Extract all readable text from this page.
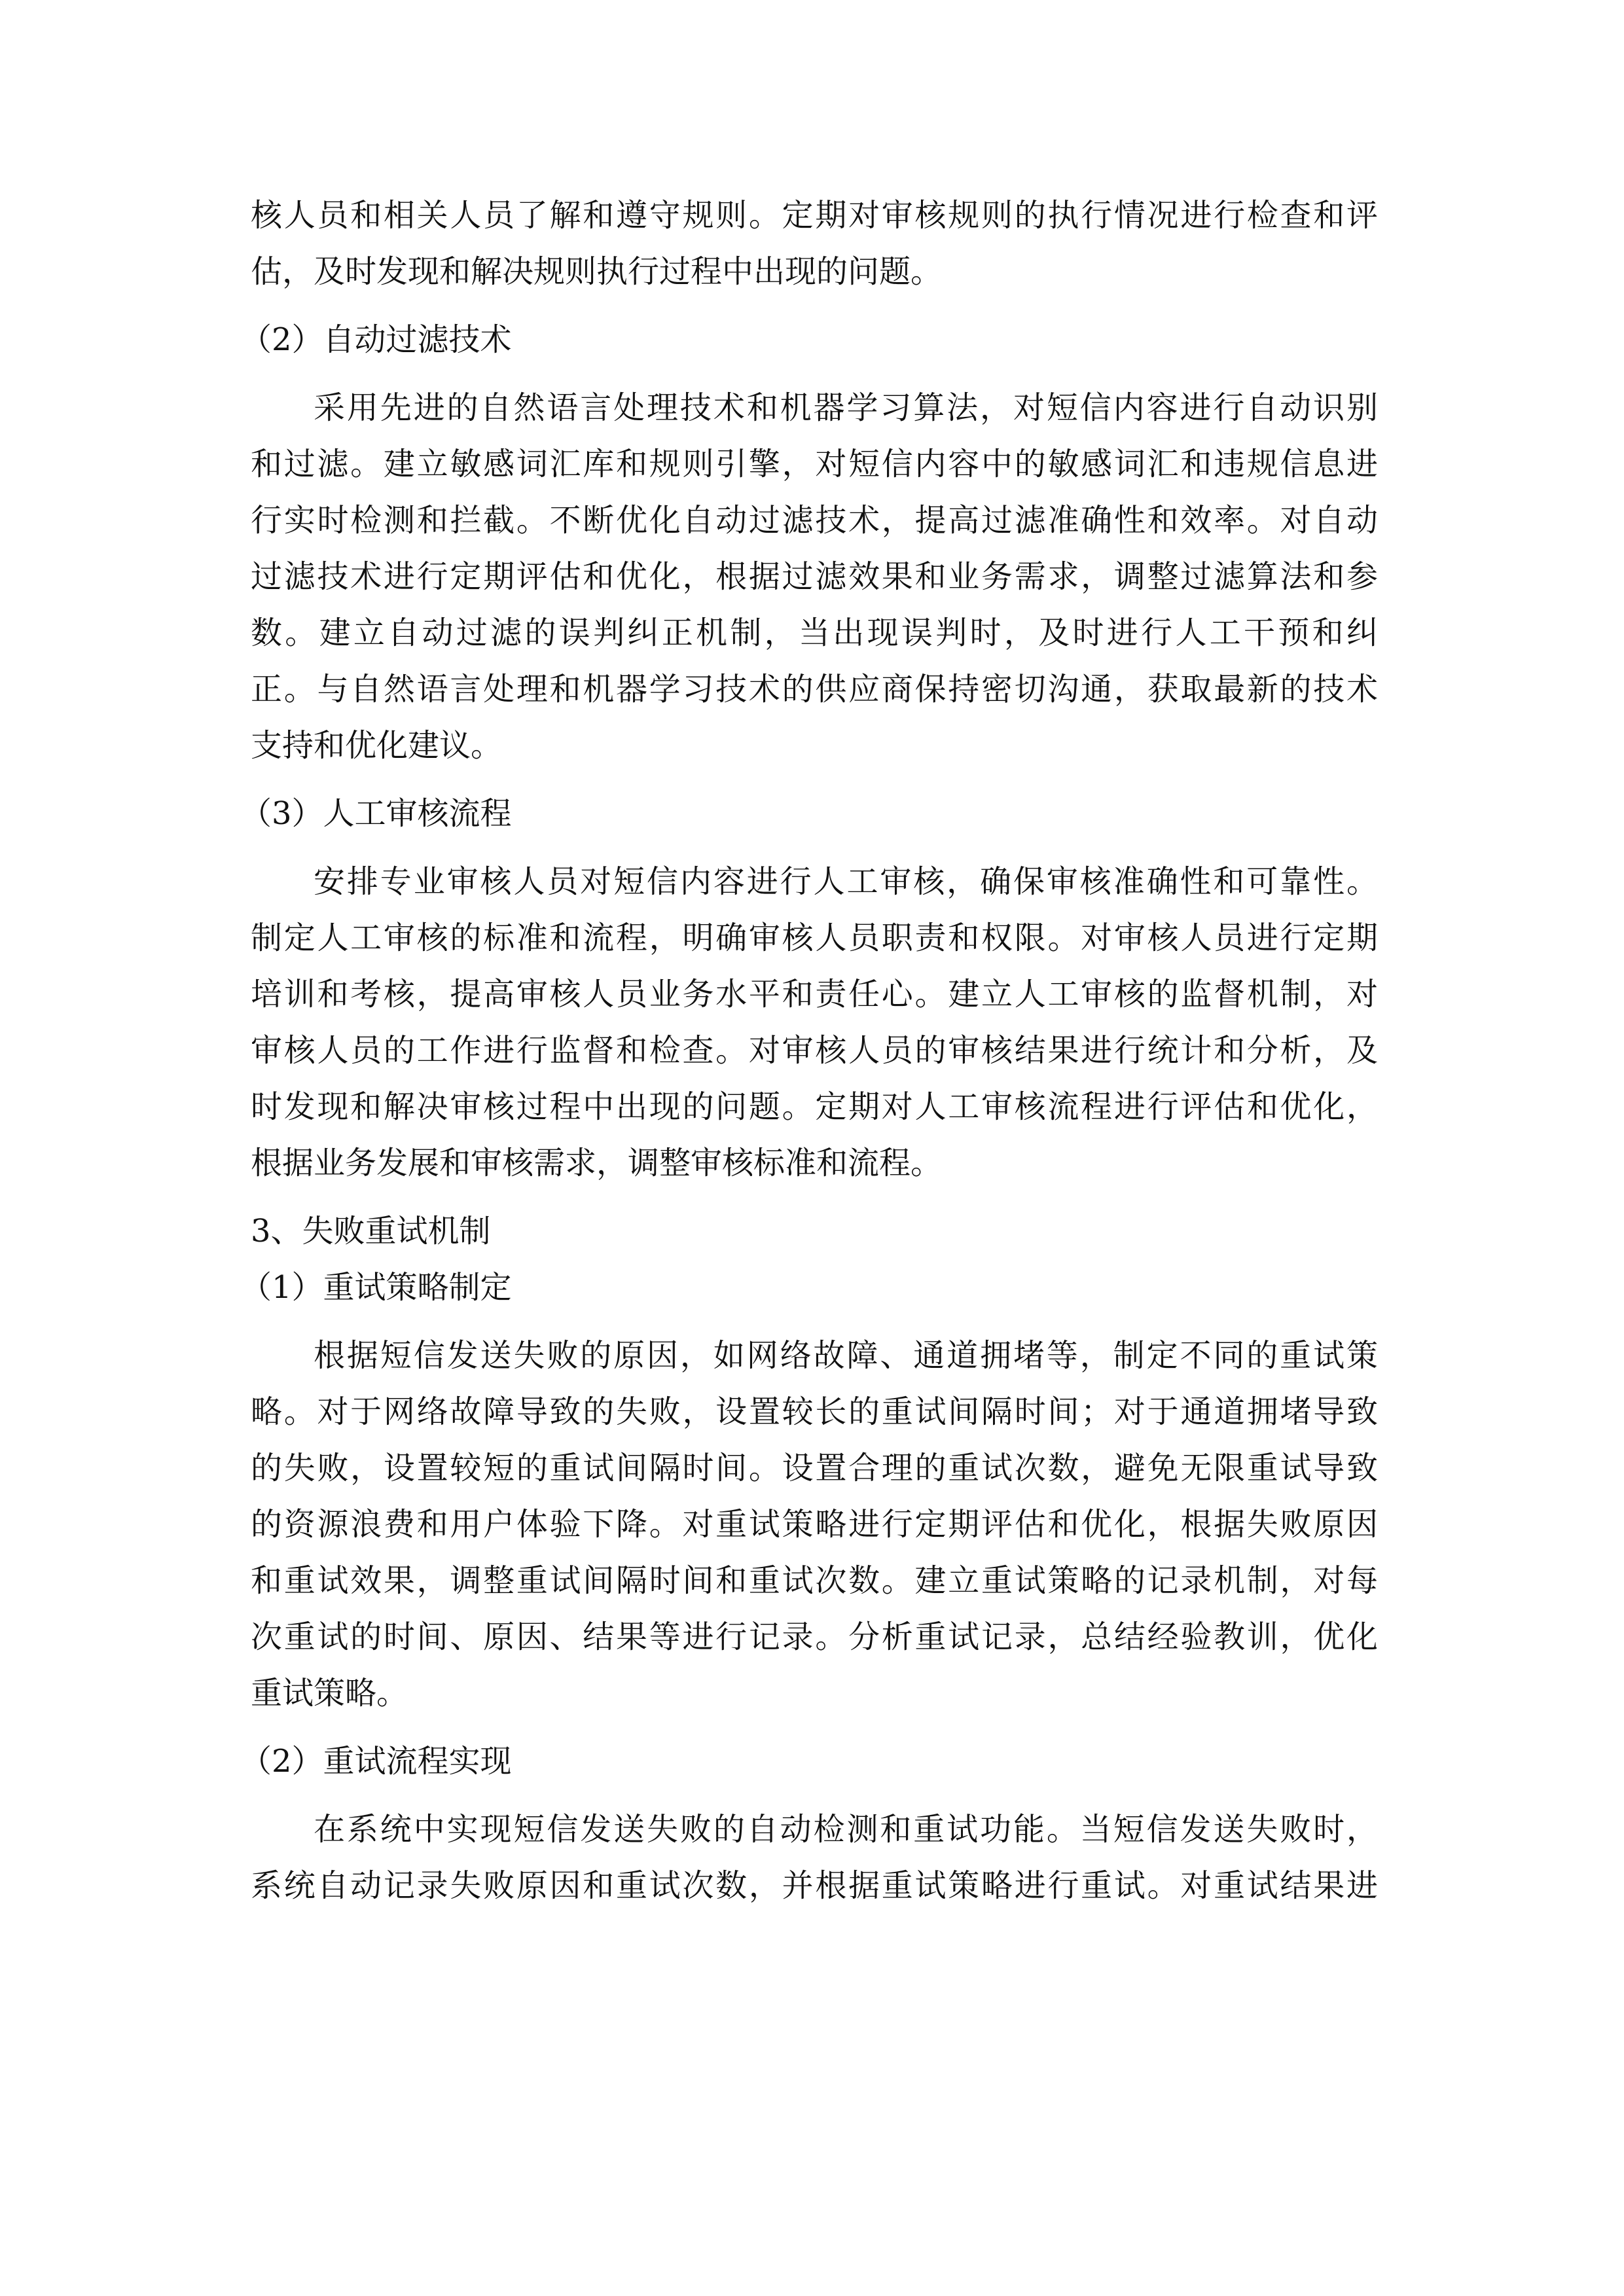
核人员和相关人员了解和遵守规则。定期对审核规则的执行情况进行检查和评
估，及时发现和解决规则执行过程中出现的问题。
（2）自动过滤技术
采用先进的自然语言处理技术和机器学习算法，对短信内容进行自动识别
和过滤。建立敏感词汇库和规则引擎，对短信内容中的敏感词汇和违规信息进
行实时检测和拦截。不断优化自动过滤技术，提高过滤准确性和效率。对自动
过滤技术进行定期评估和优化，根据过滤效果和业务需求，调整过滤算法和参
数。建立自动过滤的误判纠正机制，当出现误判时，及时进行人工干预和纠
正。与自然语言处理和机器学习技术的供应商保持密切沟通，获取最新的技术
支持和优化建议。
（3）人工审核流程
安排专业审核人员对短信内容进行人工审核，确保审核准确性和可靠性。
制定人工审核的标准和流程，明确审核人员职责和权限。对审核人员进行定期
培训和考核，提高审核人员业务水平和责任心。建立人工审核的监督机制，对
审核人员的工作进行监督和检查。对审核人员的审核结果进行统计和分析，及
时发现和解决审核过程中出现的问题。定期对人工审核流程进行评估和优化，
根据业务发展和审核需求，调整审核标准和流程。
3、失败重试机制
（1）重试策略制定
根据短信发送失败的原因，如网络故障、通道拥堵等，制定不同的重试策
略。对于网络故障导致的失败，设置较长的重试间隔时间；对于通道拥堵导致
的失败，设置较短的重试间隔时间。设置合理的重试次数，避免无限重试导致
的资源浪费和用户体验下降。对重试策略进行定期评估和优化，根据失败原因
和重试效果，调整重试间隔时间和重试次数。建立重试策略的记录机制，对每
次重试的时间、原因、结果等进行记录。分析重试记录，总结经验教训，优化
重试策略。
（2）重试流程实现
在系统中实现短信发送失败的自动检测和重试功能。当短信发送失败时，
系统自动记录失败原因和重试次数，并根据重试策略进行重试。对重试结果进
